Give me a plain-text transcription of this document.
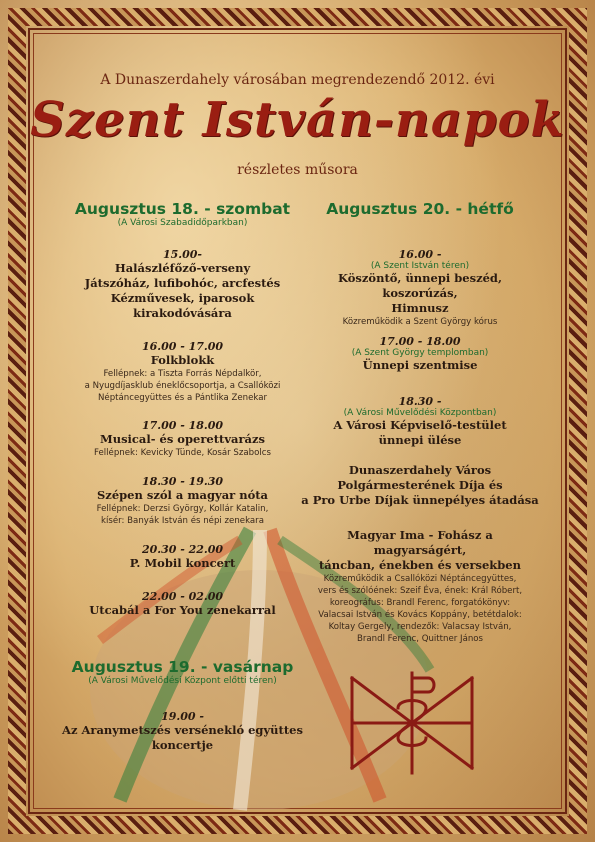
A Dunaszerdahely városában megrendezendő 2012. évi
Szent István-napok
részletes műsora
Augusztus 18. - szombat
(A Városi Szabadidőparkban)
15.00-
Halászléfőző-verseny
Játszóház, lufibohóc, arcfestés
Kézművesek, iparosok
kirakodóvására
16.00 - 17.00
Folkblokk
Fellépnek: a Tiszta Forrás Népdalkör,
a Nyugdíjasklub éneklőcsoportja, a Csallóközi
Néptáncegyüttes és a Pántlika Zenekar
17.00 - 18.00
Musical- és operettvarázs
Fellépnek: Kevicky Tünde, Kosár Szabolcs
18.30 - 19.30
Szépen szól a magyar nóta
Fellépnek: Derzsi György, Kollár Katalin,
kísér: Banyák István és népi zenekara
20.30 - 22.00
P. Mobil koncert
22.00 - 02.00
Utcabál a For You zenekarral
Augusztus 19. - vasárnap
(A Városi Művelődési Központ előtti téren)
19.00 -
Az Aranymetszés versénekló együttes
koncertje
Augusztus 20. - hétfő
16.00 -
(A Szent István téren)
Köszöntő, ünnepi beszéd, koszorúzás,
Himnusz
Közreműködik a Szent György kórus
17.00 - 18.00
(A Szent György templomban)
Ünnepi szentmise
18.30 -
(A Városi Művelődési Központban)
A Városi Képviselő-testület
ünnepi ülése
Dunaszerdahely Város
Polgármesterének Díja és
a Pro Urbe Díjak ünnepélyes átadása
Magyar Ima - Fohász a magyarságért,
táncban, énekben és versekben
Közreműködik a Csallóközi Néptáncegyüttes,
vers és szólóének: Szeif Éva, ének: Král Róbert,
koreográfus: Brandl Ferenc, forgatókönyv:
Valacsai István és Kovács Koppány, betétdalok:
Koltay Gergely, rendezők: Valacsay István,
Brandl Ferenc, Quittner János
